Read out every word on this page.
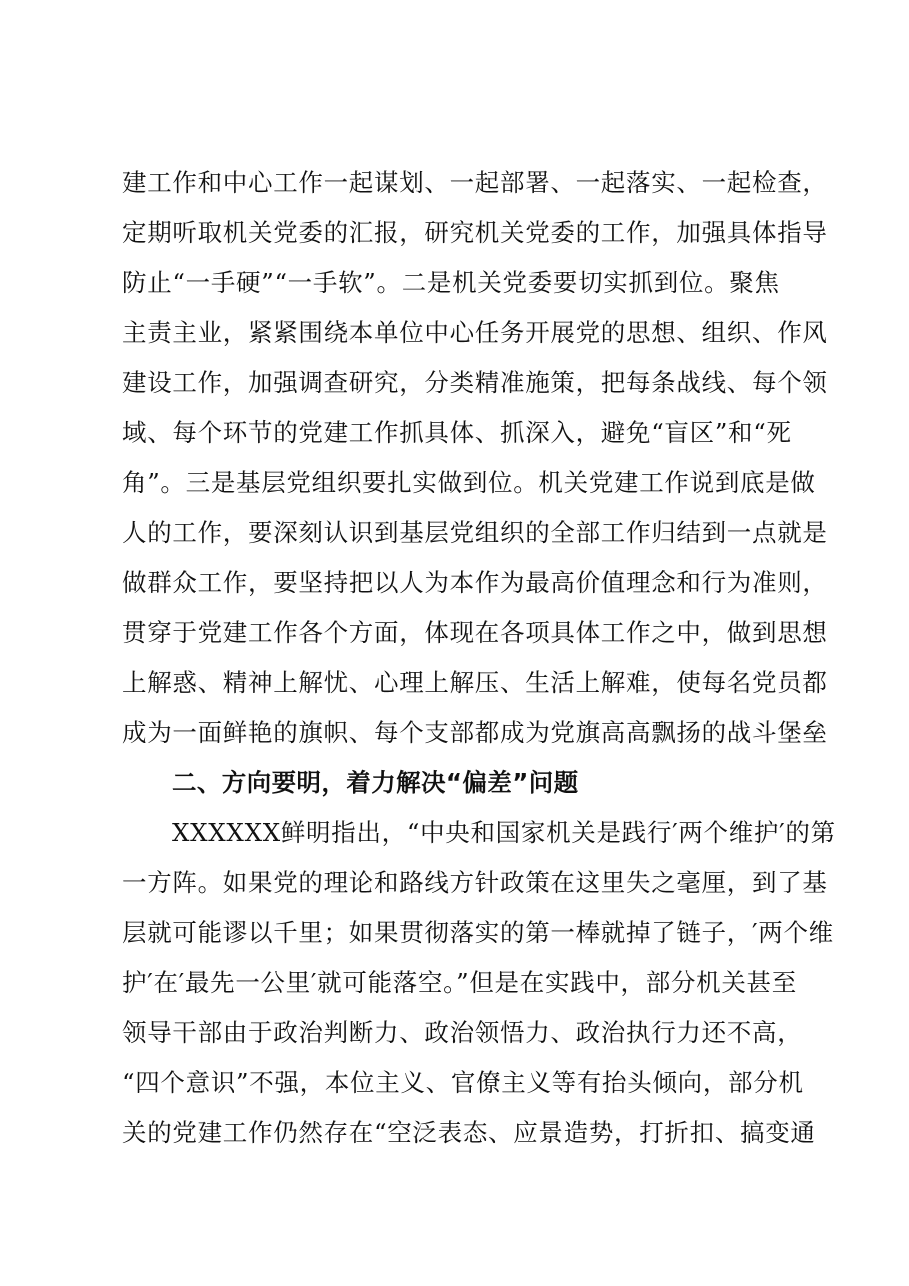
建工作和中心工作一起谋划、一起部署、一起落实、一起检查，
定期听取机关党委的汇报，研究机关党委的工作，加强具体指导
防止“一手硬”“一手软”。二是机关党委要切实抓到位。聚焦
主责主业，紧紧围绕本单位中心任务开展党的思想、组织、作风
建设工作，加强调查研究，分类精准施策，把每条战线、每个领
域、每个环节的党建工作抓具体、抓深入，避免“盲区”和“死
角”。三是基层党组织要扎实做到位。机关党建工作说到底是做
人的工作，要深刻认识到基层党组织的全部工作归结到一点就是
做群众工作，要坚持把以人为本作为最高价值理念和行为准则，
贯穿于党建工作各个方面，体现在各项具体工作之中，做到思想
上解惑、精神上解忧、心理上解压、生活上解难，使每名党员都
成为一面鲜艳的旗帜、每个支部都成为党旗高高飘扬的战斗堡垒
二、方向要明，着力解决“偏差”问题
XXXXXX鲜明指出，“中央和国家机关是践行′两个维护′的第
一方阵。如果党的理论和路线方针政策在这里失之毫厘，到了基
层就可能谬以千里；如果贯彻落实的第一棒就掉了链子，′两个维
护′在′最先一公里′就可能落空。”但是在实践中，部分机关甚至
领导干部由于政治判断力、政治领悟力、政治执行力还不高，
“四个意识”不强，本位主义、官僚主义等有抬头倾向，部分机
关的党建工作仍然存在“空泛表态、应景造势，打折扣、搞变通
